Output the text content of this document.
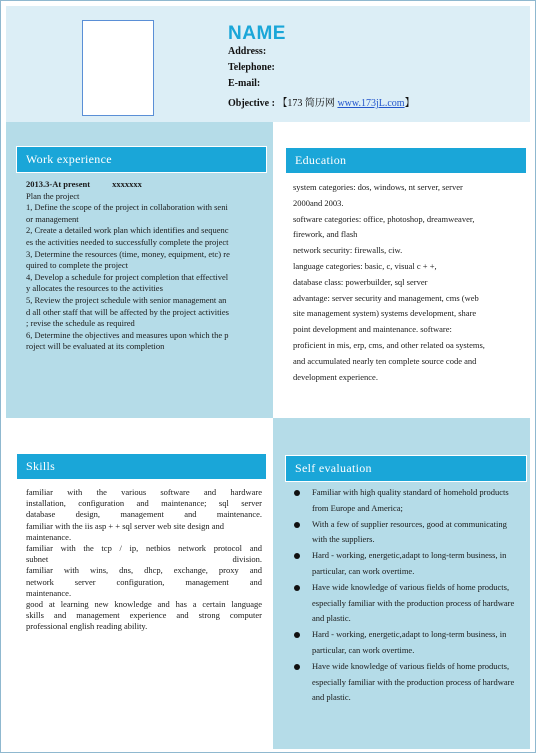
NAME
Address:
Telephone:
E-mail:
Objective : 【173 简历网 www.173jL.com】
Work experience	Education
Skills	Self evaluation
2013.3-At present	xxxxxxx
Plan the project
1, Define the scope of the project in collaboration with seni
or management
2, Create a detailed work plan which identifies and sequenc
es the activities needed to successfully complete the project
3, Determine the resources (time, money, equipment, etc) re
quired to complete the project
4, Develop a schedule for project completion that effectivel
y allocates the resources to the activities
5, Review the project schedule with senior management an
d all other staff that will be affected by the project activities
; revise the schedule as required
6, Determine the objectives and measures upon which the p
roject will be evaluated at its completion
system categories: dos, windows, nt server, server
2000and 2003.
software categories: office, photoshop, dreamweaver,
firework, and flash
network security: firewalls, ciw.
language categories: basic, c, visual c + +,
database class: powerbuilder, sql server
advantage: server security and management, cms (web
site management system) systems development, share
point development and maintenance. software:
proficient in mis, erp, cms, and other related oa systems,
and accumulated nearly ten complete source code and
development experience.

familiar with the various software and hardware

installation, configuration and maintenance; sql server

database design, management and maintenance.

familiar with the iis asp + + sql server web site design and

maintenance.

familiar with the tcp / ip, netbios network protocol and

subnet division.

familiar with wins, dns, dhcp, exchange, proxy and

network server configuration, management and

maintenance.

good at learning new knowledge and has a certain language

skills and management experience and strong computer

professional english reading ability.

Familiar with high quality standard of homehold products from Europe and America;
With a few of supplier resources, good at communicating with the suppliers.
Hard - working, energetic,adapt to long-term business, in particular, can work overtime.
Have wide knowledge of various fields of home products, especially familiar with the production process of hardware and plastic.
Hard - working, energetic,adapt to long-term business, in particular, can work overtime.
Have wide knowledge of various fields of home products, especially familiar with the production process of hardware and plastic.
